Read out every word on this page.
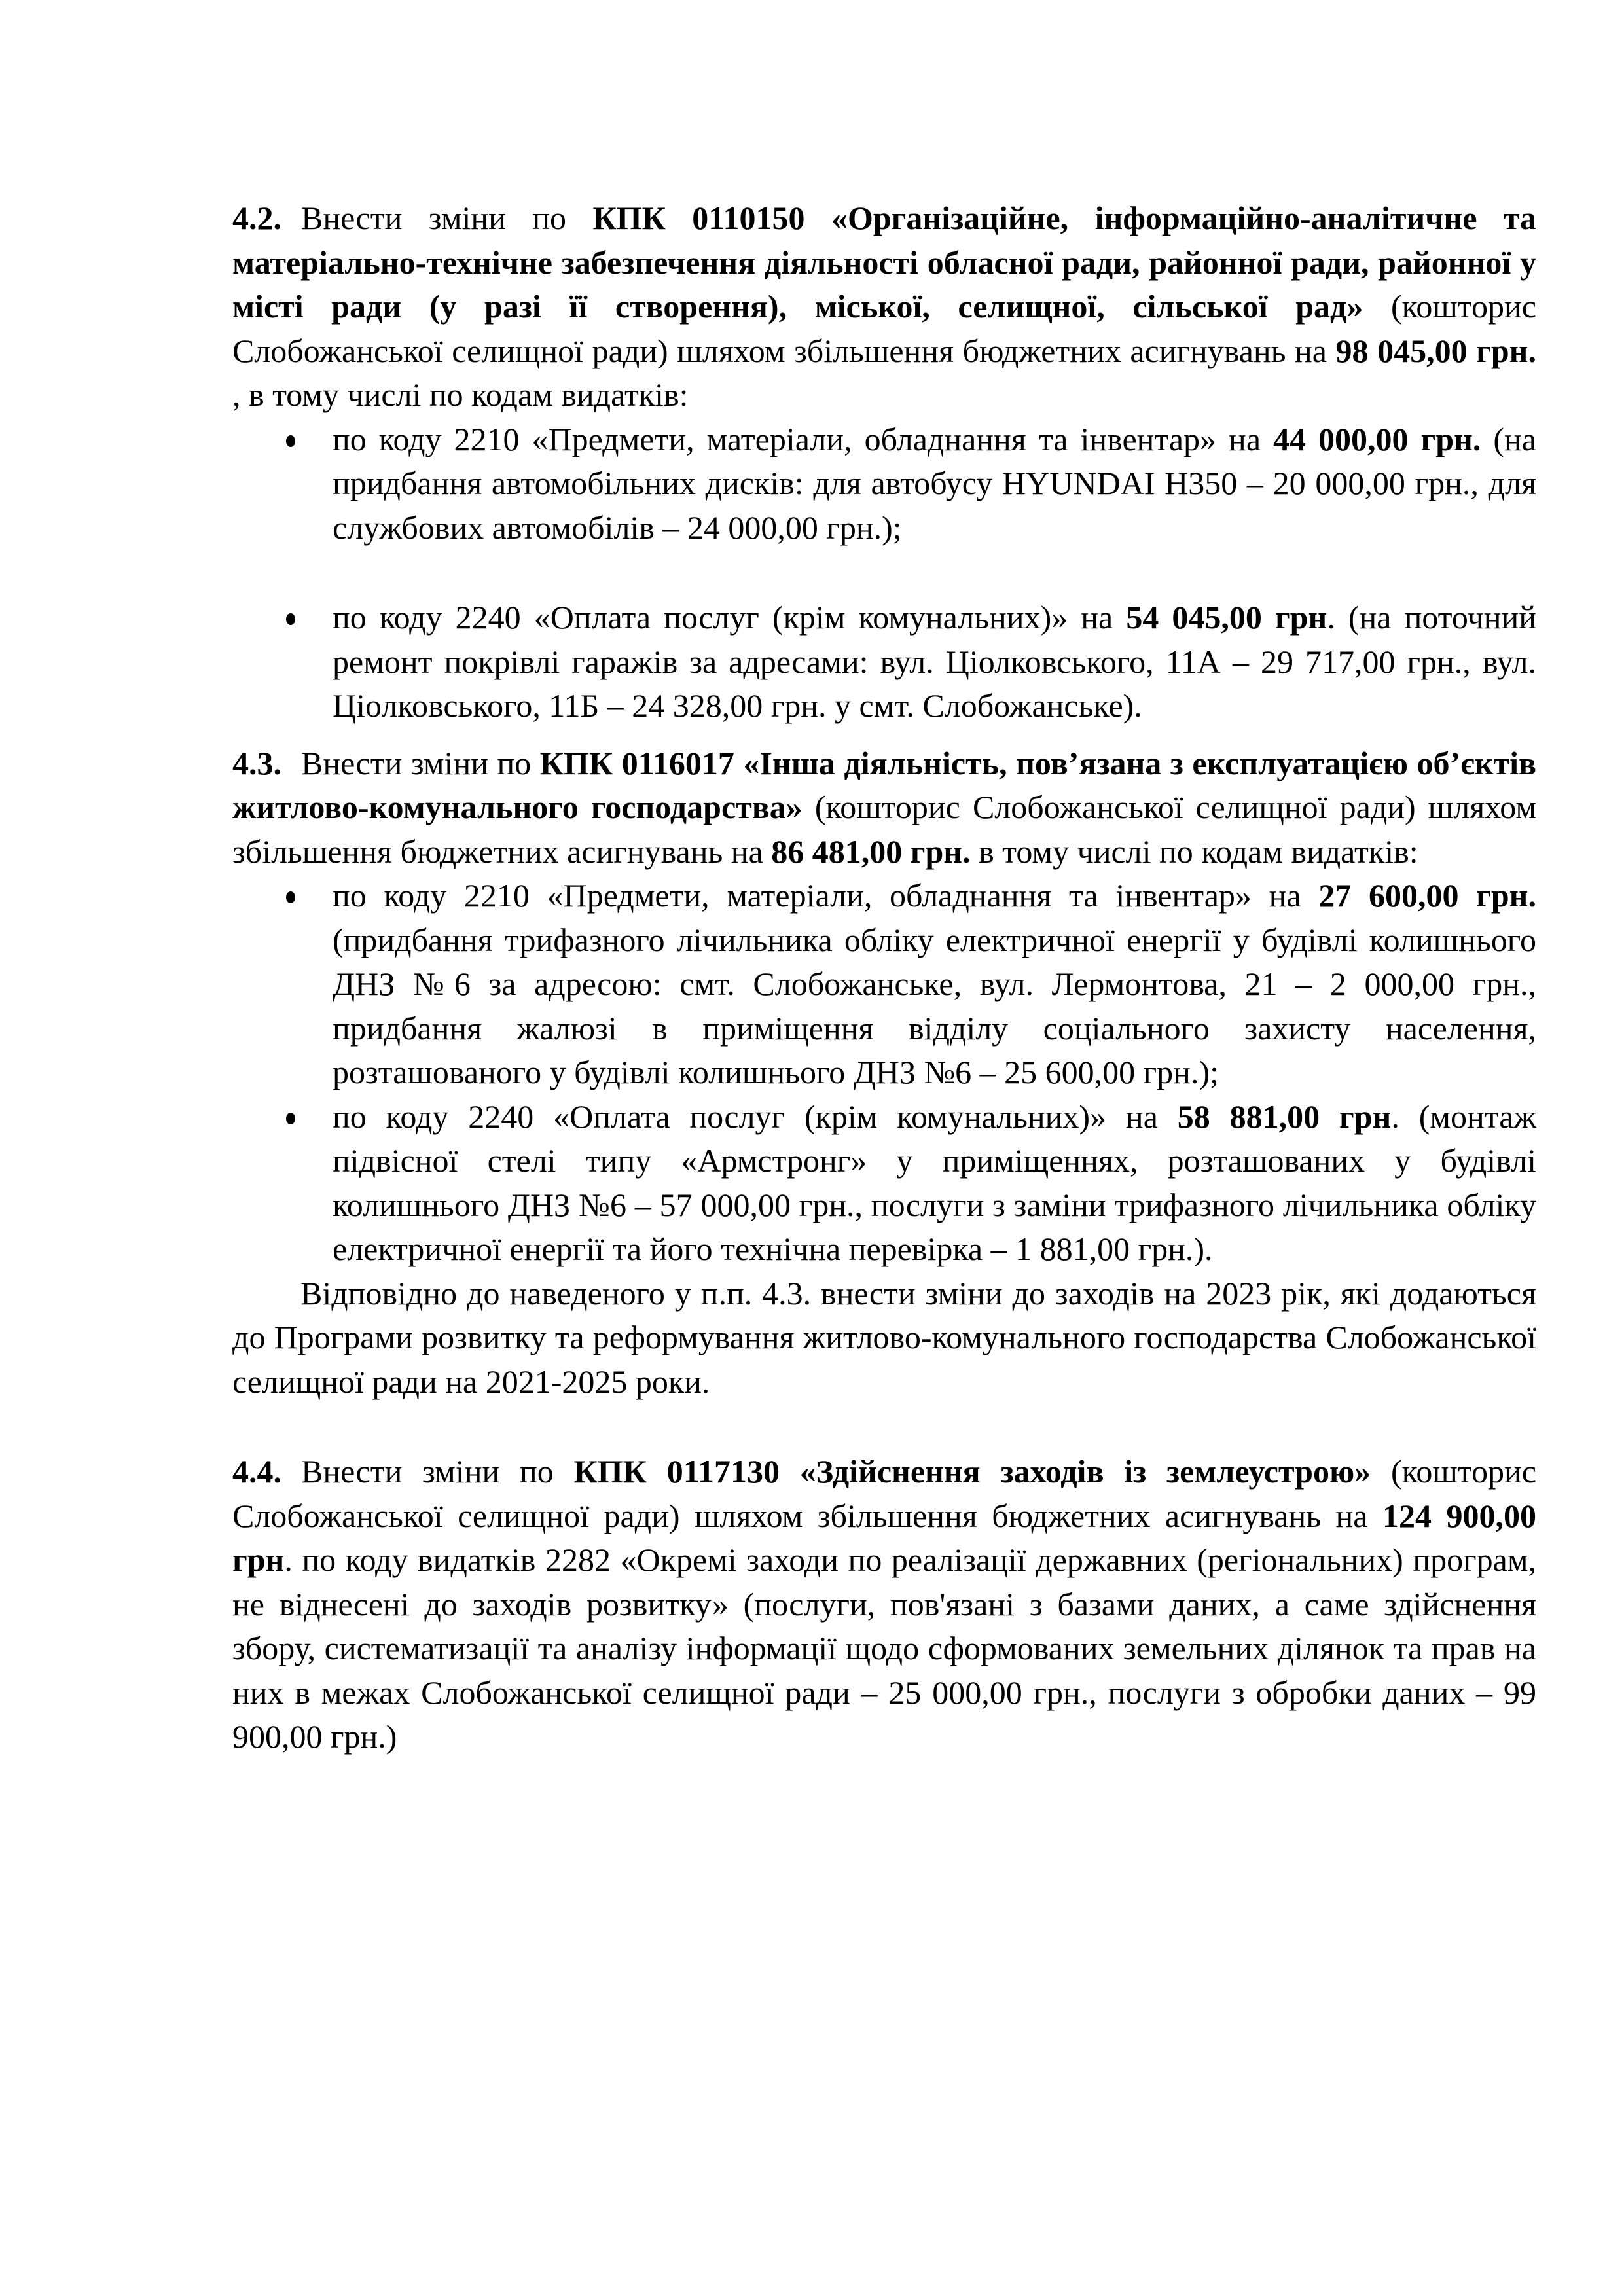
4.2. Внести зміни по КПК 0110150 «Організаційне, інформаційно-аналітичне та матеріально-технічне забезпечення діяльності обласної ради, районної ради, районної у місті ради (у разі її створення), міської, селищної, сільської рад» (кошторис Слобожанської селищної ради) шляхом збільшення бюджетних асигнувань на 98 045,00 грн. , в тому числі по кодам видатків:

по коду 2210 «Предмети, матеріали, обладнання та інвентар» на 44 000,00 грн. (на придбання автомобільних дисків: для автобусу HYUNDAI H350 – 20 000,00 грн., для службових автомобілів – 24 000,00 грн.);
по коду 2240 «Оплата послуг (крім комунальних)» на 54 045,00 грн. (на поточний ремонт покрівлі гаражів за адресами: вул. Ціолковського, 11А – 29 717,00 грн., вул. Ціолковського, 11Б – 24 328,00 грн. у смт. Слобожанське).

4.3. Внести зміни по КПК 0116017 «Інша діяльність, пов’язана з експлуатацією об’єктів житлово-комунального господарства» (кошторис Слобожанської селищної ради) шляхом збільшення бюджетних асигнувань на 86 481,00 грн. в тому числі по кодам видатків:

по коду 2210 «Предмети, матеріали, обладнання та інвентар» на 27 600,00 грн. (придбання трифазного лічильника обліку електричної енергії у будівлі колишнього ДНЗ №6 за адресою: смт. Слобожанське, вул. Лермонтова, 21 – 2 000,00 грн., придбання жалюзі в приміщення відділу соціального захисту населення, розташованого у будівлі колишнього ДНЗ №6 – 25 600,00 грн.);
по коду 2240 «Оплата послуг (крім комунальних)» на 58 881,00 грн. (монтаж підвісної стелі типу «Армстронг» у приміщеннях, розташованих у будівлі колишнього ДНЗ №6 – 57 000,00 грн., послуги з заміни трифазного лічильника обліку електричної енергії та його технічна перевірка – 1 881,00 грн.).

Відповідно до наведеного у п.п. 4.3. внести зміни до заходів на 2023 рік, які додаються до Програми розвитку та реформування житлово-комунального господарства Слобожанської селищної ради на 2021-2025 роки.

4.4. Внести зміни по КПК 0117130 «Здійснення заходів із землеустрою» (кошторис Слобожанської селищної ради) шляхом збільшення бюджетних асигнувань на 124 900,00 грн. по коду видатків 2282 «Окремі заходи по реалізації державних (регіональних) програм, не віднесені до заходів розвитку» (послуги, пов'язані з базами даних, а саме здійснення збору, систематизації та аналізу інформації щодо сформованих земельних ділянок та прав на них в межах Слобожанської селищної ради – 25 000,00 грн., послуги з обробки даних – 99 900,00 грн.)
